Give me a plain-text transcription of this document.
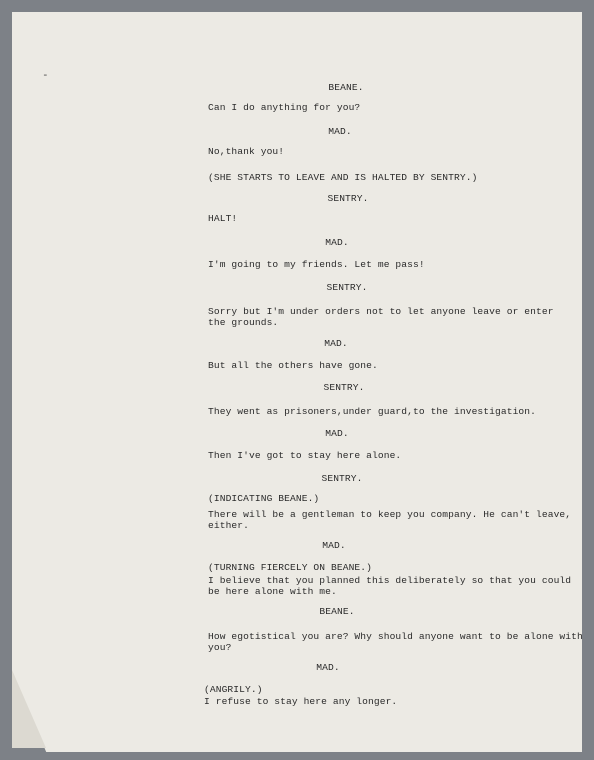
-
BEANE.
Can I do anything for you?
MAD.
No,thank you!
(SHE STARTS TO LEAVE AND IS HALTED BY SENTRY.)
SENTRY.
HALT!
MAD.
I'm going to my friends. Let me pass!
SENTRY.
Sorry but I'm under orders not to let anyone leave or enter
the grounds.
MAD.
But all the others have gone.
SENTRY.
They went as prisoners,under guard,to the investigation.
MAD.
Then I've got to stay here alone.
SENTRY.
(INDICATING BEANE.)
There will be a gentleman to keep you company. He can't leave,
either.
MAD.
(TURNING FIERCELY ON BEANE.)
I believe that you planned this deliberately so that you could
be here alone with me.
BEANE.
How egotistical you are? Why should anyone want to be alone with
you?
MAD.
(ANGRILY.)
I refuse to stay here any longer.
